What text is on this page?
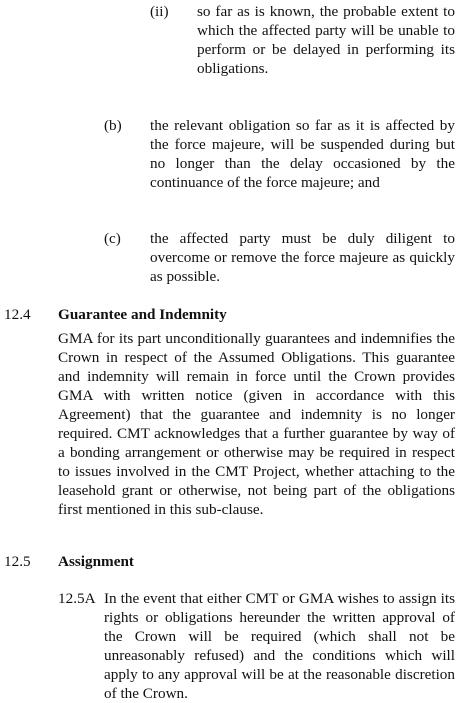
(ii) so far as is known, the probable extent to which the affected party will be unable to perform or be delayed in performing its obligations.
(b) the relevant obligation so far as it is affected by the force majeure, will be suspended during but no longer than the delay occasioned by the continuance of the force majeure; and
(c) the affected party must be duly diligent to overcome or remove the force majeure as quickly as possible.
12.4 Guarantee and Indemnity
GMA for its part unconditionally guarantees and indemnifies the Crown in respect of the Assumed Obligations. This guarantee and indemnity will remain in force until the Crown provides GMA with written notice (given in accordance with this Agreement) that the guarantee and indemnity is no longer required. CMT acknowledges that a further guarantee by way of a bonding arrangement or otherwise may be required in respect to issues involved in the CMT Project, whether attaching to the leasehold grant or otherwise, not being part of the obligations first mentioned in this sub-clause.
12.5 Assignment
12.5A In the event that either CMT or GMA wishes to assign its rights or obligations hereunder the written approval of the Crown will be required (which shall not be unreasonably refused) and the conditions which will apply to any approval will be at the reasonable discretion of the Crown.
